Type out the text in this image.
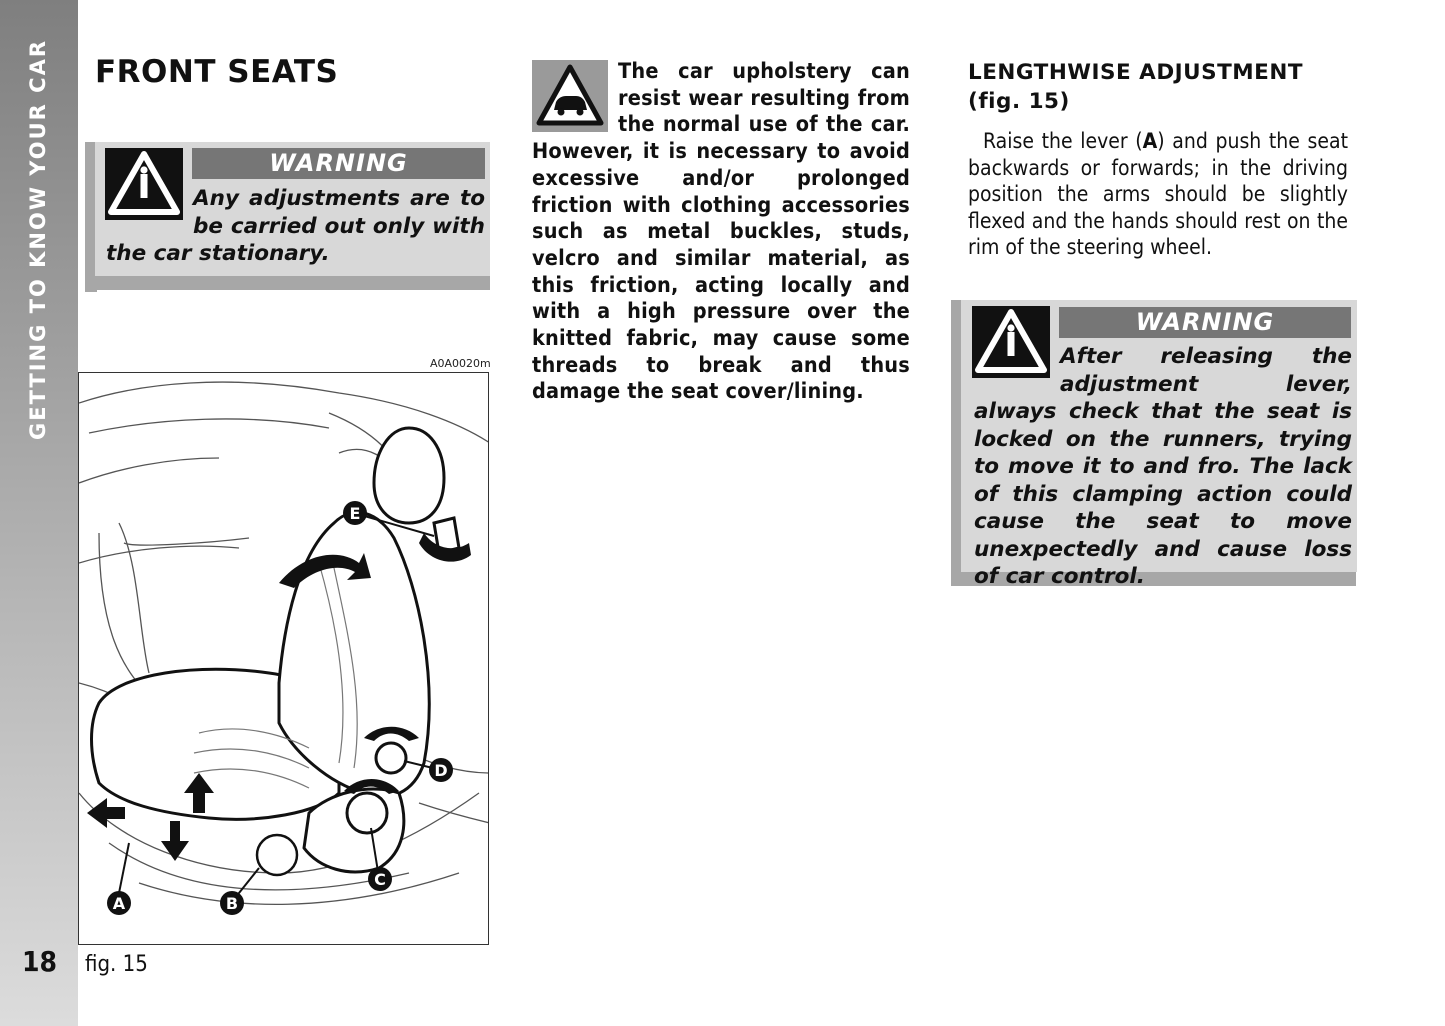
GETTING TO KNOW YOUR CAR
18
FRONT SEATS
WARNING
Any adjustments are to be carried out only with the car stationary.
A0A0020m
A	B
C
D
E
fig. 15
The car upholstery can resist wear resulting from the normal use of the car. However, it is necessary to avoid excessive and/or prolonged friction with clothing accessories such as metal buckles, studs, velcro and similar material, as this friction, acting locally and with a high pressure over the knitted fabric, may cause some threads to break and thus damage the seat cover/lining.
LENGTHWISE ADJUSTMENT
(fig. 15)
Raise the lever (A) and push the seat backwards or forwards; in the driving position the arms should be slightly flexed and the hands should rest on the rim of the steering wheel.
WARNING
After releasing the adjustment lever, always check that the seat is locked on the runners, trying to move it to and fro. The lack of this clamping action could cause the seat to move unexpectedly and cause loss of car control.
